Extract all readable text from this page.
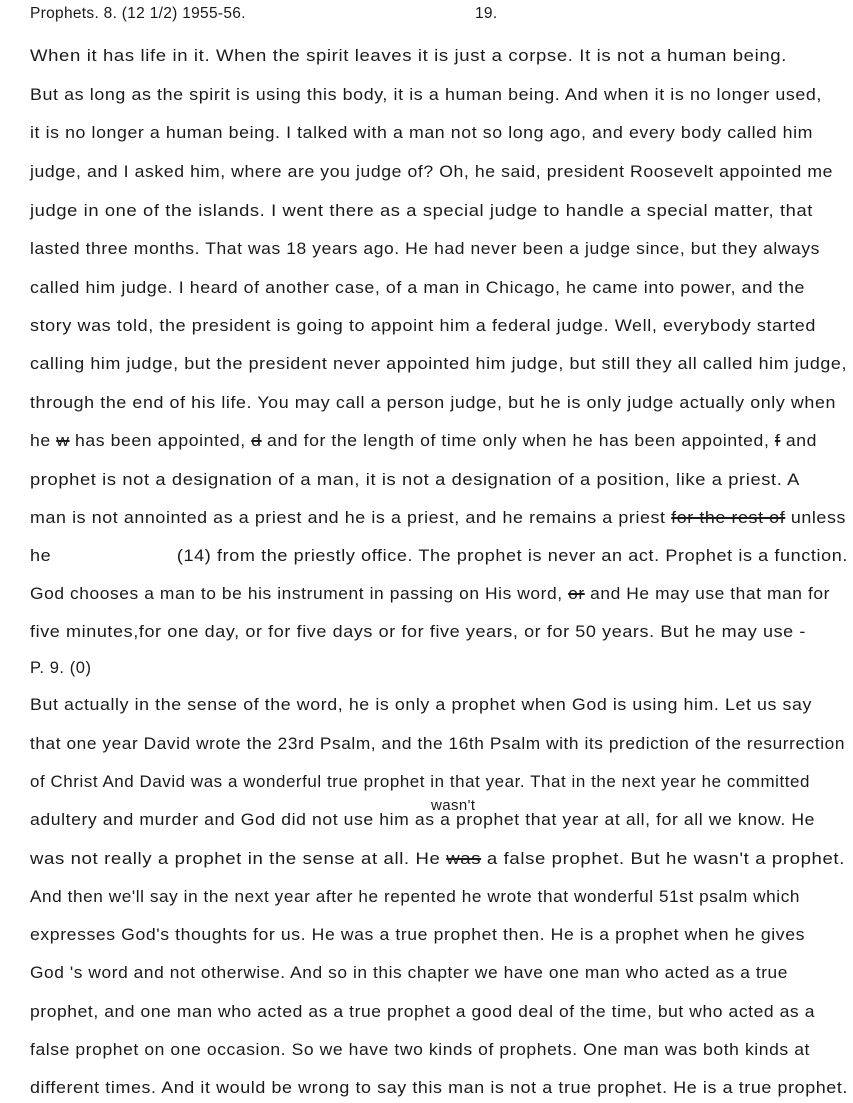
Prophets. 8. (12 1/2) 1955-56.	19.
wasn't
When it has life in it. When the spirit leaves it is just a corpse. It is not a human being.
But as long as the spirit is using this body, it is a human being. And when it is no longer used,
it is no longer a human being. I talked with a man not so long ago, and every body called him
judge, and I asked him, where are you judge of? Oh, he said, president Roosevelt appointed me
judge in one of the islands. I went there as a special judge to handle a special matter, that
lasted three months. That was 18 years ago. He had never been a judge since, but they always
called him judge. I heard of another case, of a man in Chicago, he came into power, and the
story was told, the president is going to appoint him a federal judge. Well, everybody started
calling him judge, but the president never appointed him judge, but still they all called him judge,
through the end of his life. You may call a person judge, but he is only judge actually only when
he w has been appointed, d and for the length of time only when he has been appointed, f and
prophet is not a designation of a man, it is not a designation of a position, like a priest. A
man is not annointed as a priest and he is a priest, and he remains a priest for the rest of unless
he	(14) from the priestly office. The prophet is never an act. Prophet is a function.
God chooses a man to be his instrument in passing on His word, or and He may use that man for
five minutes,for one day, or for five days or for five years, or for 50 years. But he may use -
P. 9. (0)
But actually in the sense of the word, he is only a prophet when God is using him. Let us say
that one year David wrote the 23rd Psalm, and the 16th Psalm with its prediction of the resurrection
of Christ And David was a wonderful true prophet in that year. That in the next year he committed
adultery and murder and God did not use him as a prophet that year at all, for all we know. He
was not really a prophet in the sense at all. He was a false prophet. But he wasn't a prophet.
And then we'll say in the next year after he repented he wrote that wonderful 51st psalm which
expresses God's thoughts for us. He was a true prophet then. He is a prophet when he gives
God 's word and not otherwise. And so in this chapter we have one man who acted as a true
prophet, and one man who acted as a true prophet a good deal of the time, but who acted as a
false prophet on one occasion. So we have two kinds of prophets. One man was both kinds at
different times. And it would be wrong to say this man is not a true prophet. He is a true prophet.
